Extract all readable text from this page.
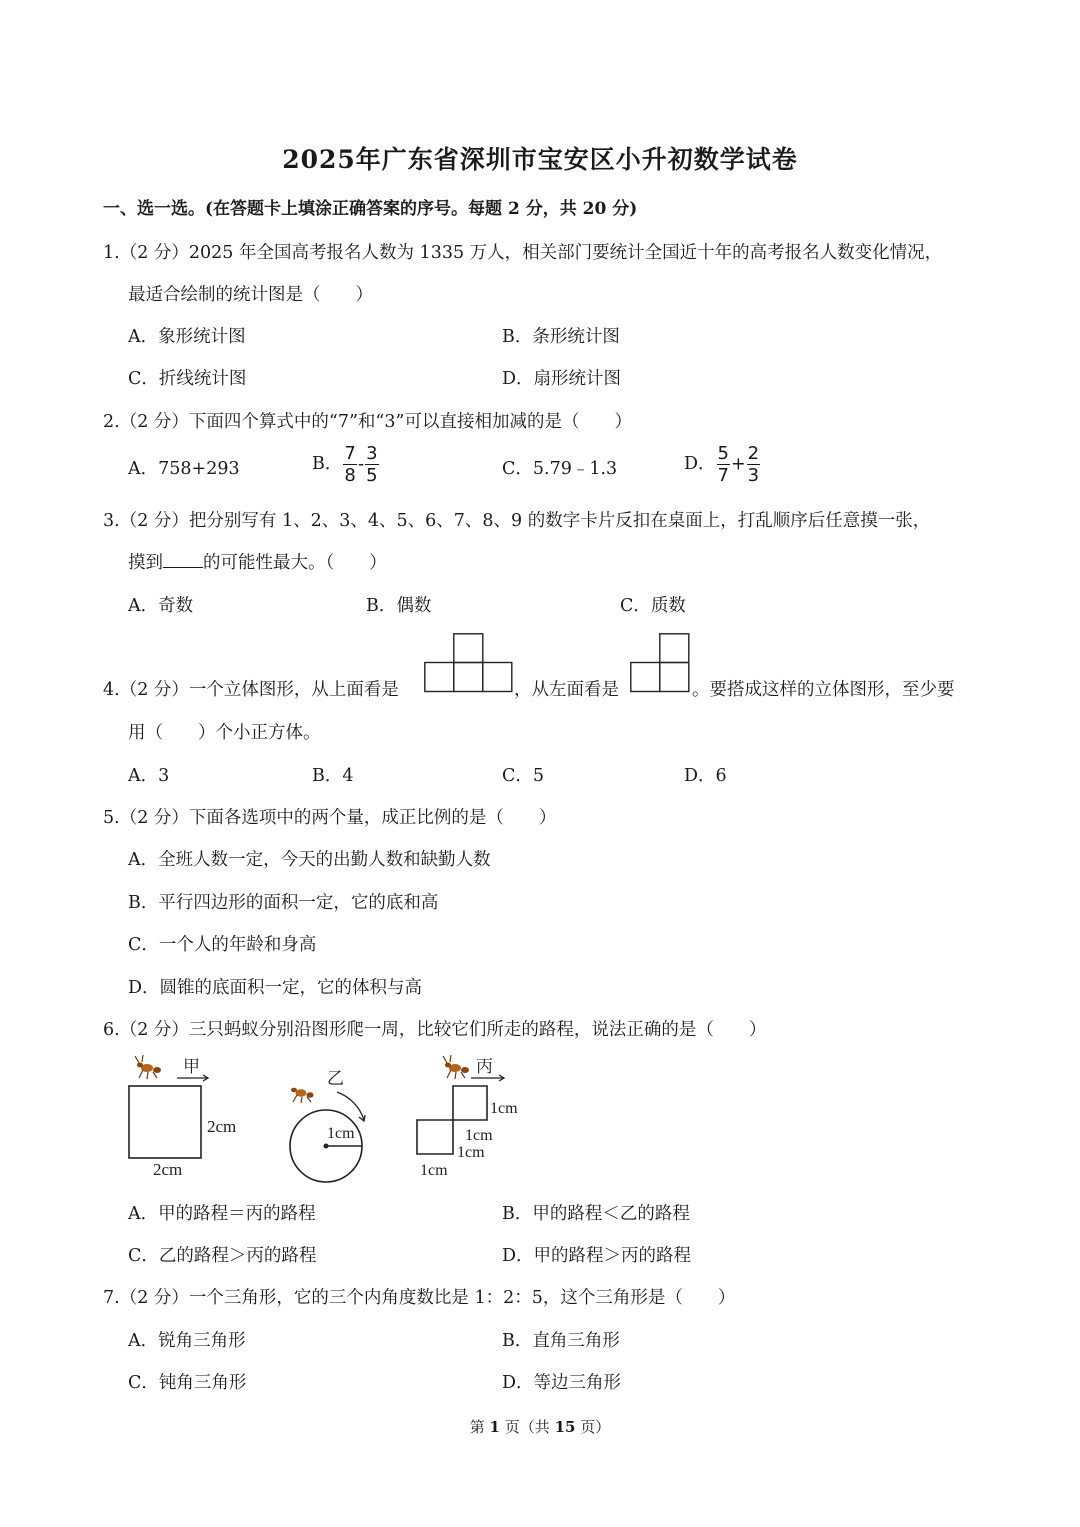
2025年广东省深圳市宝安区小升初数学试卷
一、选一选。(在答题卡上填涂正确答案的序号。每题 2 分，共 20 分)
1.（2 分）2025 年全国高考报名人数为 1335 万人，相关部门要统计全国近十年的高考报名人数变化情况，
最适合绘制的统计图是（　　）
A．象形统计图	B．条形统计图
C．折线统计图	D．扇形统计图
2.（2 分）下面四个算式中的“7”和“3”可以直接相加减的是（　　）
A．758+293	B． $\frac{7}{8} - \frac{3}{5}$	C．5.79﹣1.3	D． $\frac{5}{7} + \frac{2}{3}$
3.（2 分）把分别写有 1、2、3、4、5、6、7、8、9 的数字卡片反扣在桌面上，打乱顺序后任意摸一张，
摸到 的可能性最大。（　　）
A．奇数	B．偶数	C．质数
4.（2 分）一个立体图形，从上面看是	，从左面看是	。要搭成这样的立体图形，至少要
用（　　）个小正方体。
A．3	B．4	C．5	D．6
5.（2 分）下面各选项中的两个量，成正比例的是（　　）
A．全班人数一定，今天的出勤人数和缺勤人数
B．平行四边形的面积一定，它的底和高
C．一个人的年龄和身高
D．圆锥的底面积一定，它的体积与高
6.（2 分）三只蚂蚁分别沿图形爬一周，比较它们所走的路程，说法正确的是（　　）
甲
2cm
2cm
乙
1cm
丙
1cm
1cm
1cm
1cm
A．甲的路程＝丙的路程	B．甲的路程＜乙的路程
C．乙的路程＞丙的路程	D．甲的路程＞丙的路程
7.（2 分）一个三角形，它的三个内角度数比是 1：2：5，这个三角形是（　　）
A．锐角三角形	B．直角三角形
C．钝角三角形	D．等边三角形
第 1 页（共 15 页）
